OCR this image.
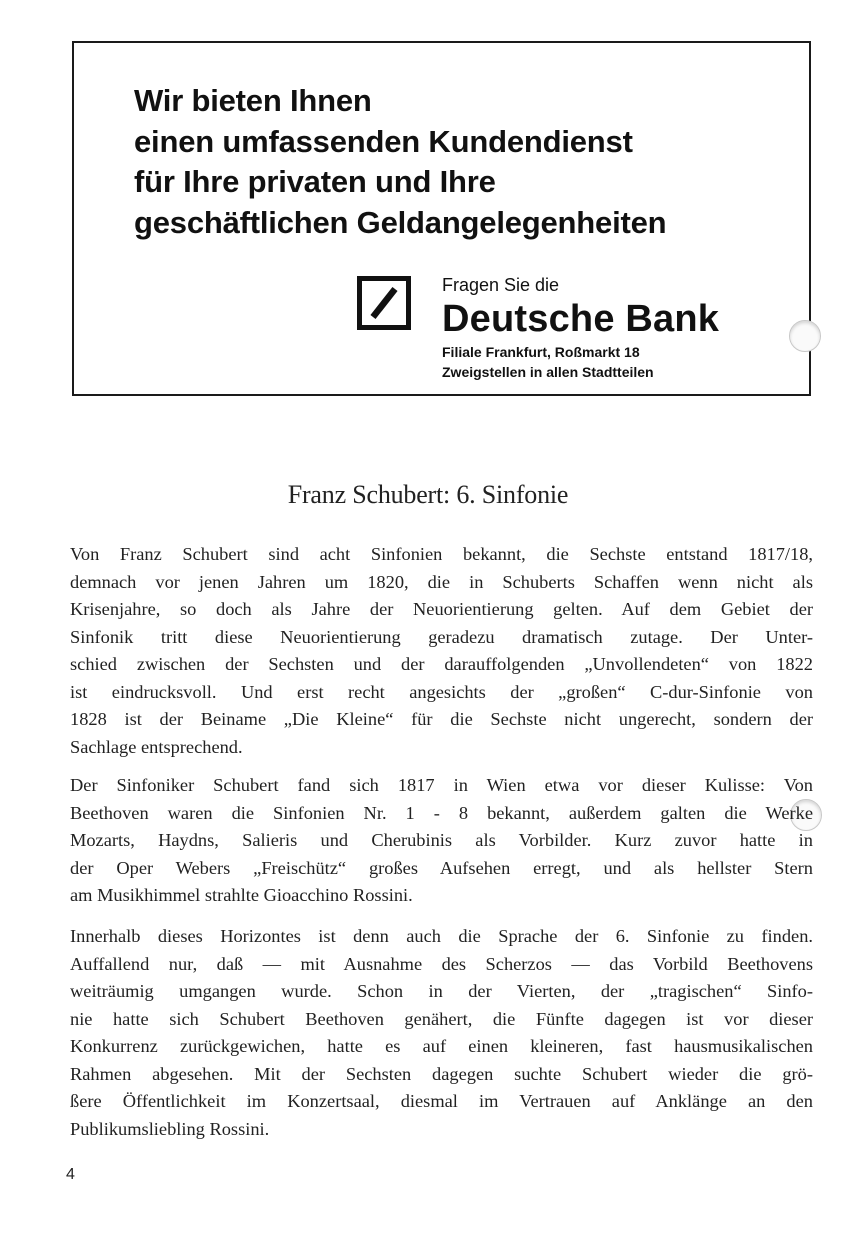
Wir bieten Ihnen
einen umfassenden Kundendienst
für Ihre privaten und Ihre
geschäftlichen Geldangelegenheiten
Fragen Sie die
Deutsche Bank
Filiale Frankfurt, Roßmarkt 18
Zweigstellen in allen Stadtteilen
Franz Schubert: 6. Sinfonie

Von Franz Schubert sind acht Sinfonien bekannt, die Sechste entstand 1817/18,
demnach vor jenen Jahren um 1820, die in Schuberts Schaffen wenn nicht als
Krisenjahre, so doch als Jahre der Neuorientierung gelten. Auf dem Gebiet der
Sinfonik tritt diese Neuorientierung geradezu dramatisch zutage. Der Unter-
schied zwischen der Sechsten und der darauffolgenden „Unvollendeten“ von 1822
ist eindrucksvoll. Und erst recht angesichts der „großen“ C-dur-Sinfonie von
1828 ist der Beiname „Die Kleine“ für die Sechste nicht ungerecht, sondern der
Sachlage entsprechend.

Der Sinfoniker Schubert fand sich 1817 in Wien etwa vor dieser Kulisse: Von
Beethoven waren die Sinfonien Nr. 1 - 8 bekannt, außerdem galten die Werke
Mozarts, Haydns, Salieris und Cherubinis als Vorbilder. Kurz zuvor hatte in
der Oper Webers „Freischütz“ großes Aufsehen erregt, und als hellster Stern
am Musikhimmel strahlte Gioacchino Rossini.

Innerhalb dieses Horizontes ist denn auch die Sprache der 6. Sinfonie zu finden.
Auffallend nur, daß — mit Ausnahme des Scherzos — das Vorbild Beethovens
weiträumig umgangen wurde. Schon in der Vierten, der „tragischen“ Sinfo-
nie hatte sich Schubert Beethoven genähert, die Fünfte dagegen ist vor dieser
Konkurrenz zurückgewichen, hatte es auf einen kleineren, fast hausmusikalischen
Rahmen abgesehen. Mit der Sechsten dagegen suchte Schubert wieder die grö-
ßere Öffentlichkeit im Konzertsaal, diesmal im Vertrauen auf Anklänge an den
Publikumsliebling Rossini.

4
